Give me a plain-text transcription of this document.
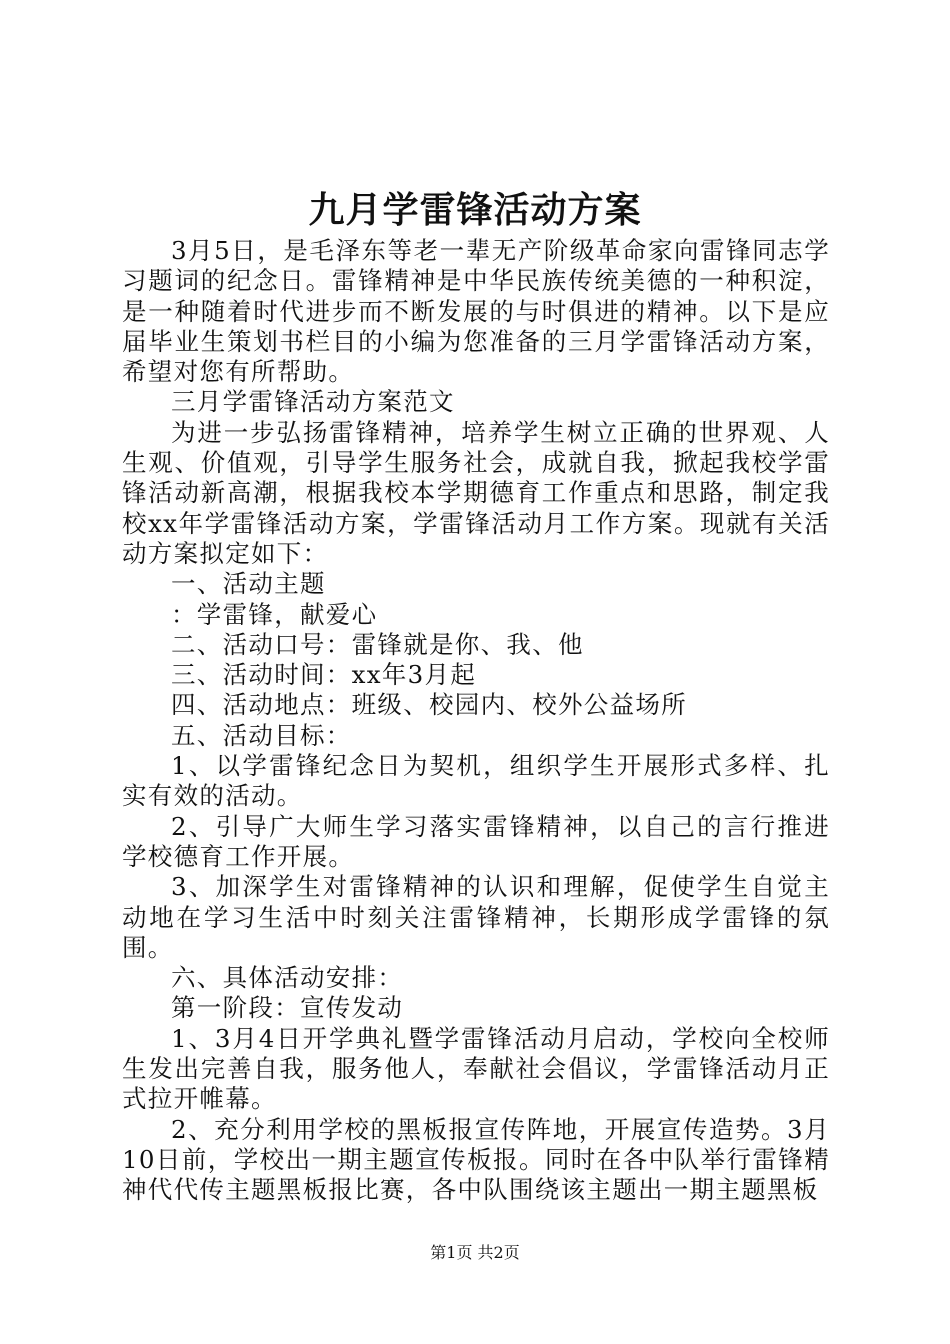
九月学雷锋活动方案

3月5日，是毛泽东等老一辈无产阶级革命家向雷锋同志学习题词的纪念日。雷锋精神是中华民族传统美德的一种积淀，是一种随着时代进步而不断发展的与时俱进的精神。以下是应届毕业生策划书栏目的小编为您准备的三月学雷锋活动方案，希望对您有所帮助。

三月学雷锋活动方案范文

为进一步弘扬雷锋精神，培养学生树立正确的世界观、人生观、价值观，引导学生服务社会，成就自我，掀起我校学雷锋活动新高潮，根据我校本学期德育工作重点和思路，制定我校xx年学雷锋活动方案，学雷锋活动月工作方案。现就有关活动方案拟定如下：

一、活动主题

：学雷锋，献爱心

二、活动口号：雷锋就是你、我、他

三、活动时间：xx年3月起

四、活动地点：班级、校园内、校外公益场所

五、活动目标：

1、以学雷锋纪念日为契机，组织学生开展形式多样、扎实有效的活动。

2、引导广大师生学习落实雷锋精神，以自己的言行推进学校德育工作开展。

3、加深学生对雷锋精神的认识和理解，促使学生自觉主动地在学习生活中时刻关注雷锋精神，长期形成学雷锋的氛围。

六、具体活动安排：

第一阶段：宣传发动

1、3月4日开学典礼暨学雷锋活动月启动，学校向全校师生发出完善自我，服务他人，奉献社会倡议，学雷锋活动月正式拉开帷幕。

2、充分利用学校的黑板报宣传阵地，开展宣传造势。3月10日前，学校出一期主题宣传板报。同时在各中队举行雷锋精神代代传主题黑板报比赛，各中队围绕该主题出一期主题黑板

第1页 共2页
